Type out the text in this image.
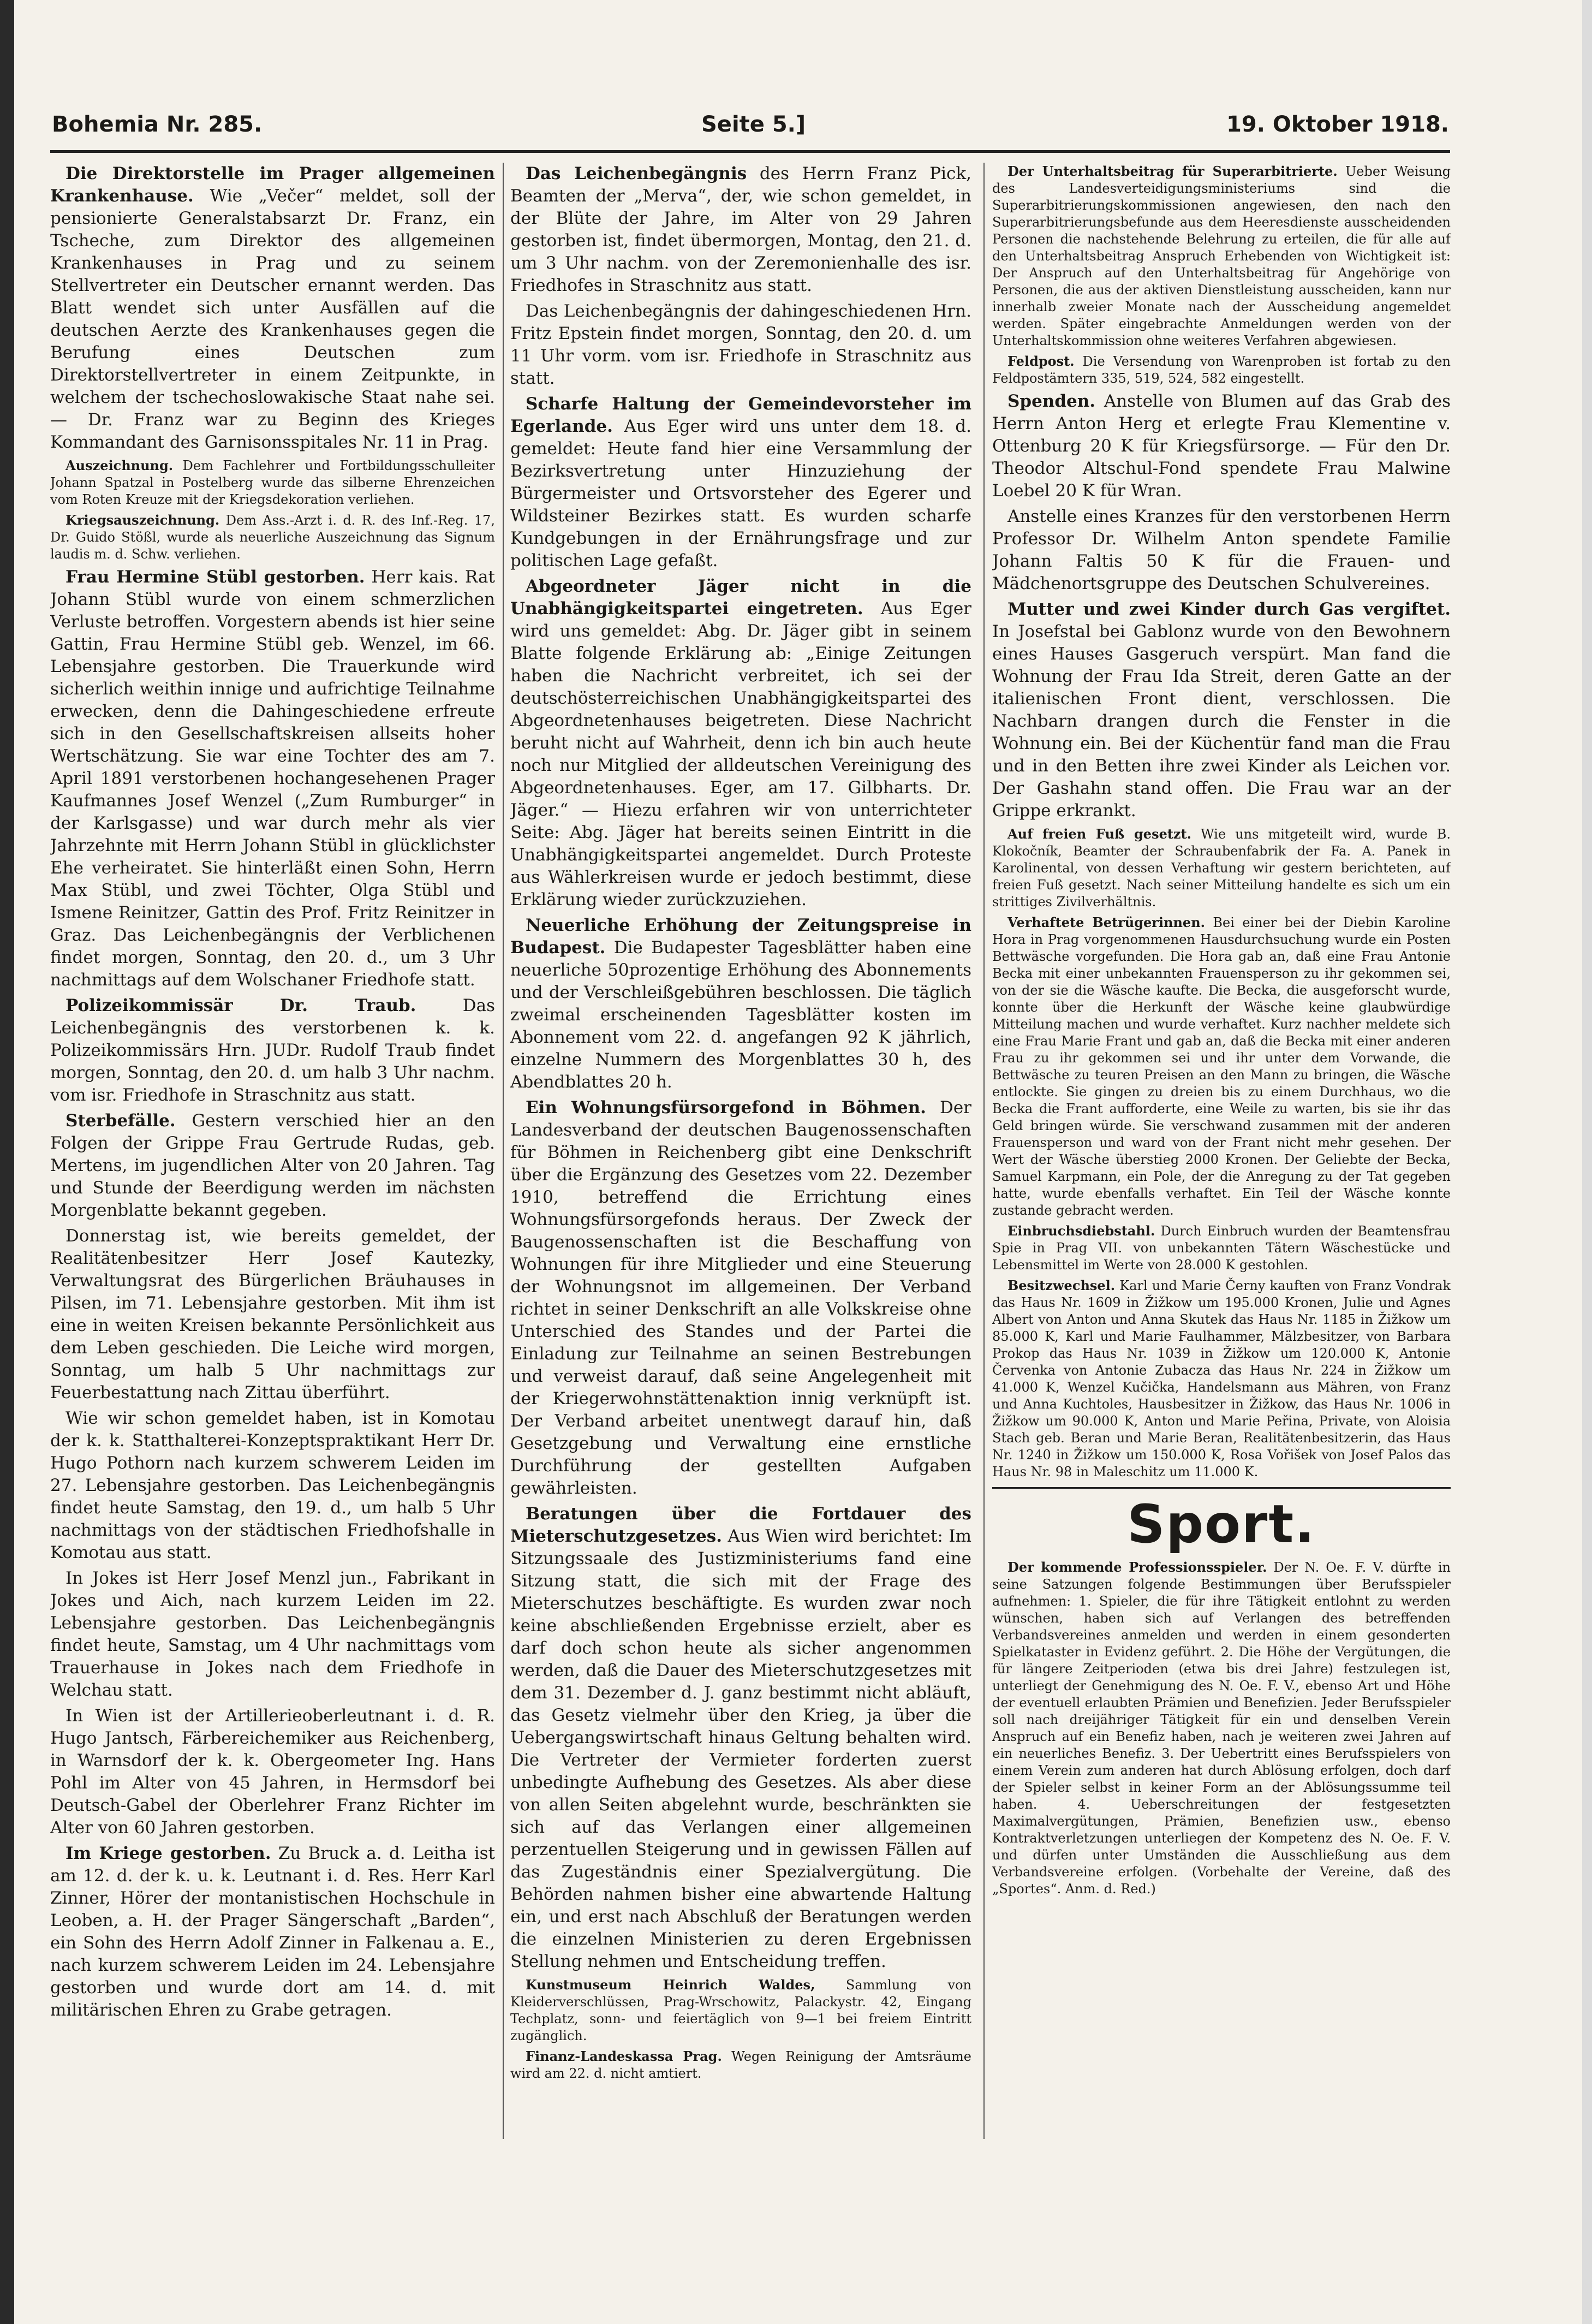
Bohemia Nr. 285.	Seite 5.]	19. Oktober 1918.

Die Direktorstelle im Prager allgemeinen Krankenhause. Wie „Večer“ meldet, soll der pensionierte Generalstabsarzt Dr. Franz, ein Tscheche, zum Direktor des allgemeinen Krankenhauses in Prag und zu seinem Stellvertreter ein Deutscher ernannt werden. Das Blatt wendet sich unter Ausfällen auf die deutschen Aerzte des Krankenhauses gegen die Berufung eines Deutschen zum Direktorstellvertreter in einem Zeitpunkte, in welchem der tschechoslowakische Staat nahe sei. — Dr. Franz war zu Beginn des Krieges Kommandant des Garnisonsspitales Nr. 11 in Prag.

Auszeichnung. Dem Fachlehrer und Fortbildungsschulleiter Johann Spatzal in Postelberg wurde das silberne Ehrenzeichen vom Roten Kreuze mit der Kriegsdekoration verliehen.

Kriegsauszeichnung. Dem Ass.-Arzt i. d. R. des Inf.-Reg. 17, Dr. Guido Stößl, wurde als neuerliche Auszeichnung das Signum laudis m. d. Schw. verliehen.

Frau Hermine Stübl gestorben. Herr kais. Rat Johann Stübl wurde von einem schmerzlichen Verluste betroffen. Vorgestern abends ist hier seine Gattin, Frau Hermine Stübl geb. Wenzel, im 66. Lebensjahre gestorben. Die Trauerkunde wird sicherlich weithin innige und aufrichtige Teilnahme erwecken, denn die Dahingeschiedene erfreute sich in den Gesellschaftskreisen allseits hoher Wertschätzung. Sie war eine Tochter des am 7. April 1891 verstorbenen hochangesehenen Prager Kaufmannes Josef Wenzel („Zum Rumburger“ in der Karlsgasse) und war durch mehr als vier Jahrzehnte mit Herrn Johann Stübl in glücklichster Ehe verheiratet. Sie hinterläßt einen Sohn, Herrn Max Stübl, und zwei Töchter, Olga Stübl und Ismene Reinitzer, Gattin des Prof. Fritz Reinitzer in Graz. Das Leichenbegängnis der Verblichenen findet morgen, Sonntag, den 20. d., um 3 Uhr nachmittags auf dem Wolschaner Friedhofe statt.

Polizeikommissär Dr. Traub.	Das Leichenbegängnis des verstorbenen k. k. Polizeikommissärs Hrn. JUDr. Rudolf Traub findet morgen, Sonntag, den 20. d. um halb 3 Uhr nachm. vom isr. Friedhofe in Straschnitz aus statt.

Sterbefälle. Gestern verschied hier an den Folgen der Grippe Frau Gertrude Rudas, geb. Mertens, im jugendlichen Alter von 20 Jahren. Tag und Stunde der Beerdigung werden im nächsten Morgenblatte bekannt gegeben.

Donnerstag ist, wie bereits gemeldet, der Realitätenbesitzer Herr Josef Kautezky, Verwaltungsrat des Bürgerlichen Bräuhauses in Pilsen, im 71. Lebensjahre gestorben. Mit ihm ist eine in weiten Kreisen bekannte Persönlichkeit aus dem Leben geschieden. Die Leiche wird morgen, Sonntag, um halb 5 Uhr nachmittags zur Feuerbestattung nach Zittau überführt.

Wie wir schon gemeldet haben, ist in Komotau der k. k. Statthalterei-Konzeptspraktikant Herr Dr. Hugo Pothorn nach kurzem schwerem Leiden im 27. Lebensjahre gestorben. Das Leichenbegängnis findet heute Samstag, den 19. d., um halb 5 Uhr nachmittags von der städtischen Friedhofshalle in Komotau aus statt.

In Jokes ist Herr Josef Menzl jun., Fabrikant in Jokes und Aich, nach kurzem Leiden im 22. Lebensjahre gestorben. Das Leichenbegängnis findet heute, Samstag, um 4 Uhr nachmittags vom Trauerhause in Jokes nach dem Friedhofe in Welchau statt.

In Wien ist der Artillerieoberleutnant i. d. R. Hugo Jantsch, Färbereichemiker aus Reichenberg, in Warnsdorf der k. k. Obergeometer Ing. Hans Pohl im Alter von 45 Jahren, in Hermsdorf bei Deutsch-Gabel der Oberlehrer Franz Richter im Alter von 60 Jahren gestorben.

Im Kriege gestorben. Zu Bruck a. d. Leitha ist am 12. d. der k. u. k. Leutnant i. d. Res. Herr Karl Zinner, Hörer der montanistischen Hochschule in Leoben, a. H. der Prager Sängerschaft „Barden“, ein Sohn des Herrn Adolf Zinner in Falkenau a. E., nach kurzem schwerem Leiden im 24. Lebensjahre gestorben und wurde dort am 14. d. mit militärischen Ehren zu Grabe getragen.

Das Leichenbegängnis des Herrn Franz Pick, Beamten der „Merva“, der, wie schon gemeldet, in der Blüte der Jahre, im Alter von 29 Jahren gestorben ist, findet übermorgen, Montag, den 21. d. um 3 Uhr nachm. von der Zeremonienhalle des isr. Friedhofes in Straschnitz aus statt.

Das Leichenbegängnis der dahingeschiedenen Hrn. Fritz Epstein findet morgen, Sonntag, den 20. d. um 11 Uhr vorm. vom isr. Friedhofe in Straschnitz aus statt.

Scharfe Haltung der Gemeindevorsteher im Egerlande. Aus Eger wird uns unter dem 18. d. gemeldet: Heute fand hier eine Versammlung der Bezirksvertretung unter Hinzuziehung der Bürgermeister und Ortsvorsteher des Egerer und Wildsteiner Bezirkes statt. Es wurden scharfe Kundgebungen in der Ernährungsfrage und zur politischen Lage gefaßt.

Abgeordneter Jäger nicht in die Unabhängigkeitspartei eingetreten. Aus Eger wird uns gemeldet: Abg. Dr. Jäger gibt in seinem Blatte folgende Erklärung ab: „Einige Zeitungen haben die Nachricht verbreitet, ich sei der deutschösterreichischen Unabhängigkeitspartei des Abgeordnetenhauses beigetreten. Diese Nachricht beruht nicht auf Wahrheit, denn ich bin auch heute noch nur Mitglied der alldeutschen Vereinigung des Abgeordnetenhauses. Eger, am 17. Gilbharts. Dr. Jäger.“ — Hiezu erfahren wir von unterrichteter Seite: Abg. Jäger hat bereits seinen Eintritt in die Unabhängigkeitspartei angemeldet. Durch Proteste aus Wählerkreisen wurde er jedoch bestimmt, diese Erklärung wieder zurückzuziehen.

Neuerliche Erhöhung der Zeitungspreise in Budapest. Die Budapester Tagesblätter haben eine neuerliche 50prozentige Erhöhung des Abonnements und der Verschleißgebühren beschlossen. Die täglich zweimal erscheinenden Tagesblätter kosten im Abonnement vom 22. d. angefangen 92 K jährlich, einzelne Nummern des Morgenblattes 30 h, des Abendblattes 20 h.

Ein Wohnungsfürsorgefond in Böhmen. Der Landesverband der deutschen Baugenossenschaften für Böhmen in Reichenberg gibt eine Denkschrift über die Ergänzung des Gesetzes vom 22. Dezember 1910, betreffend die Errichtung eines Wohnungsfürsorgefonds heraus. Der Zweck der Baugenossenschaften ist die Beschaffung von Wohnungen für ihre Mitglieder und eine Steuerung der Wohnungsnot im allgemeinen. Der Verband richtet in seiner Denkschrift an alle Volkskreise ohne Unterschied des Standes und der Partei die Einladung zur Teilnahme an seinen Bestrebungen und verweist darauf, daß seine Angelegenheit mit der Kriegerwohnstättenaktion innig verknüpft ist. Der Verband arbeitet unentwegt darauf hin, daß Gesetzgebung und Verwaltung eine ernstliche Durchführung der gestellten Aufgaben gewährleisten.

Beratungen über die Fortdauer des Mieterschutzgesetzes. Aus Wien wird berichtet: Im Sitzungssaale des Justizministeriums fand eine Sitzung statt, die sich mit der Frage des Mieterschutzes beschäftigte. Es wurden zwar noch keine abschließenden Ergebnisse erzielt, aber es darf doch schon heute als sicher angenommen werden, daß die Dauer des Mieterschutzgesetzes mit dem 31. Dezember d. J. ganz bestimmt nicht abläuft, das Gesetz vielmehr über den Krieg, ja über die Uebergangswirtschaft hinaus Geltung behalten wird. Die Vertreter der Vermieter forderten zuerst unbedingte Aufhebung des Gesetzes. Als aber diese von allen Seiten abgelehnt wurde, beschränkten sie sich auf das Verlangen einer allgemeinen perzentuellen Steigerung und in gewissen Fällen auf das Zugeständnis einer Spezialvergütung. Die Behörden nahmen bisher eine abwartende Haltung ein, und erst nach Abschluß der Beratungen werden die einzelnen Ministerien zu deren Ergebnissen Stellung nehmen und Entscheidung treffen.

Kunstmuseum Heinrich Waldes, Sammlung von Kleiderverschlüssen, Prag-Wrschowitz, Palackystr. 42, Eingang Techplatz, sonn- und feiertäglich von 9—1 bei freiem Eintritt zugänglich.

Finanz-Landeskassa Prag. Wegen Reinigung der Amtsräume wird am 22. d. nicht amtiert.

Der Unterhaltsbeitrag für Superarbitrierte. Ueber Weisung des Landesverteidigungsministeriums sind die Superarbitrierungskommissionen angewiesen, den nach den Superarbitrierungsbefunde aus dem Heeresdienste ausscheidenden Personen die nachstehende Belehrung zu erteilen, die für alle auf den Unterhaltsbeitrag Anspruch Erhebenden von Wichtigkeit ist: Der Anspruch auf den Unterhaltsbeitrag für Angehörige von Personen, die aus der aktiven Dienstleistung ausscheiden, kann nur innerhalb zweier Monate nach der Ausscheidung angemeldet werden. Später eingebrachte Anmeldungen werden von der Unterhaltskommission ohne weiteres Verfahren abgewiesen.

Feldpost. Die Versendung von Warenproben ist fortab zu den Feldpostämtern 335, 519, 524, 582 eingestellt.

Spenden. Anstelle von Blumen auf das Grab des Herrn Anton Herg et erlegte Frau Klementine v. Ottenburg 20 K für Kriegsfürsorge. — Für den Dr. Theodor Altschul-Fond spendete Frau Malwine Loebel 20 K für Wran.

Anstelle eines Kranzes für den verstorbenen Herrn Professor Dr. Wilhelm Anton spendete Familie Johann Faltis 50 K für die Frauen- und Mädchenortsgruppe des Deutschen Schulvereines.

Mutter und zwei Kinder durch Gas vergiftet. In Josefstal bei Gablonz wurde von den Bewohnern eines Hauses Gasgeruch verspürt. Man fand die Wohnung der Frau Ida Streit, deren Gatte an der italienischen Front dient, verschlossen. Die Nachbarn drangen durch die Fenster in die Wohnung ein. Bei der Küchentür fand man die Frau und in den Betten ihre zwei Kinder als Leichen vor. Der Gashahn stand offen. Die Frau war an der Grippe erkrankt.

Auf freien Fuß gesetzt. Wie uns mitgeteilt wird, wurde B. Klokočník, Beamter der Schraubenfabrik der Fa. A. Panek in Karolinental, von dessen Verhaftung wir gestern berichteten, auf freien Fuß gesetzt. Nach seiner Mitteilung handelte es sich um ein strittiges Zivilverhältnis.

Verhaftete Betrügerinnen. Bei einer bei der Diebin Karoline Hora in Prag vorgenommenen Hausdurchsuchung wurde ein Posten Bettwäsche vorgefunden. Die Hora gab an, daß eine Frau Antonie Becka mit einer unbekannten Frauensperson zu ihr gekommen sei, von der sie die Wäsche kaufte. Die Becka, die ausgeforscht wurde, konnte über die Herkunft der Wäsche keine glaubwürdige Mitteilung machen und wurde verhaftet. Kurz nachher meldete sich eine Frau Marie Frant und gab an, daß die Becka mit einer anderen Frau zu ihr gekommen sei und ihr unter dem Vorwande, die Bettwäsche zu teuren Preisen an den Mann zu bringen, die Wäsche entlockte. Sie gingen zu dreien bis zu einem Durchhaus, wo die Becka die Frant aufforderte, eine Weile zu warten, bis sie ihr das Geld bringen würde. Sie verschwand zusammen mit der anderen Frauensperson und ward von der Frant nicht mehr gesehen. Der Wert der Wäsche überstieg 2000 Kronen. Der Geliebte der Becka, Samuel Karpmann, ein Pole, der die Anregung zu der Tat gegeben hatte, wurde ebenfalls verhaftet. Ein Teil der Wäsche konnte zustande gebracht werden.

Einbruchsdiebstahl. Durch Einbruch wurden der Beamtensfrau Spie in Prag VII. von unbekannten Tätern Wäschestücke und Lebensmittel im Werte von 28.000 K gestohlen.

Besitzwechsel. Karl und Marie Černy kauften von Franz Vondrak das Haus Nr. 1609 in Žižkow um 195.000 Kronen, Julie und Agnes Albert von Anton und Anna Skutek das Haus Nr. 1185 in Žižkow um 85.000 K, Karl und Marie Faulhammer, Mälzbesitzer, von Barbara Prokop das Haus Nr. 1039 in Žižkow um 120.000 K, Antonie Červenka von Antonie Zubacza das Haus Nr. 224 in Žižkow um 41.000 K, Wenzel Kučička, Handelsmann aus Mähren, von Franz und Anna Kuchtoles, Hausbesitzer in Žižkow, das Haus Nr. 1006 in Žižkow um 90.000 K, Anton und Marie Peřina, Private, von Aloisia Stach geb. Beran und Marie Beran, Realitätenbesitzerin, das Haus Nr. 1240 in Žižkow um 150.000 K, Rosa Vořišek von Josef Palos das Haus Nr. 98 in Maleschitz um 11.000 K.

Sport.

Der kommende Professionsspieler. Der N. Oe. F. V. dürfte in seine Satzungen folgende Bestimmungen über Berufsspieler aufnehmen: 1. Spieler, die für ihre Tätigkeit entlohnt zu werden wünschen, haben sich auf Verlangen des betreffenden Verbandsvereines anmelden und werden in einem gesonderten Spielkataster in Evidenz geführt. 2. Die Höhe der Vergütungen, die für längere Zeitperioden (etwa bis drei Jahre) festzulegen ist, unterliegt der Genehmigung des N. Oe. F. V., ebenso Art und Höhe der eventuell erlaubten Prämien und Benefizien. Jeder Berufsspieler soll nach dreijähriger Tätigkeit für ein und denselben Verein Anspruch auf ein Benefiz haben, nach je weiteren zwei Jahren auf ein neuerliches Benefiz. 3. Der Uebertritt eines Berufsspielers von einem Verein zum anderen hat durch Ablösung erfolgen, doch darf der Spieler selbst in keiner Form an der Ablösungssumme teil haben. 4. Ueberschreitungen der festgesetzten Maximalvergütungen, Prämien, Benefizien usw., ebenso Kontraktverletzungen unterliegen der Kompetenz des N. Oe. F. V. und dürfen unter Umständen die Ausschließung aus dem Verbandsvereine erfolgen. (Vorbehalte der Vereine, daß des „Sportes“. Anm. d. Red.)
